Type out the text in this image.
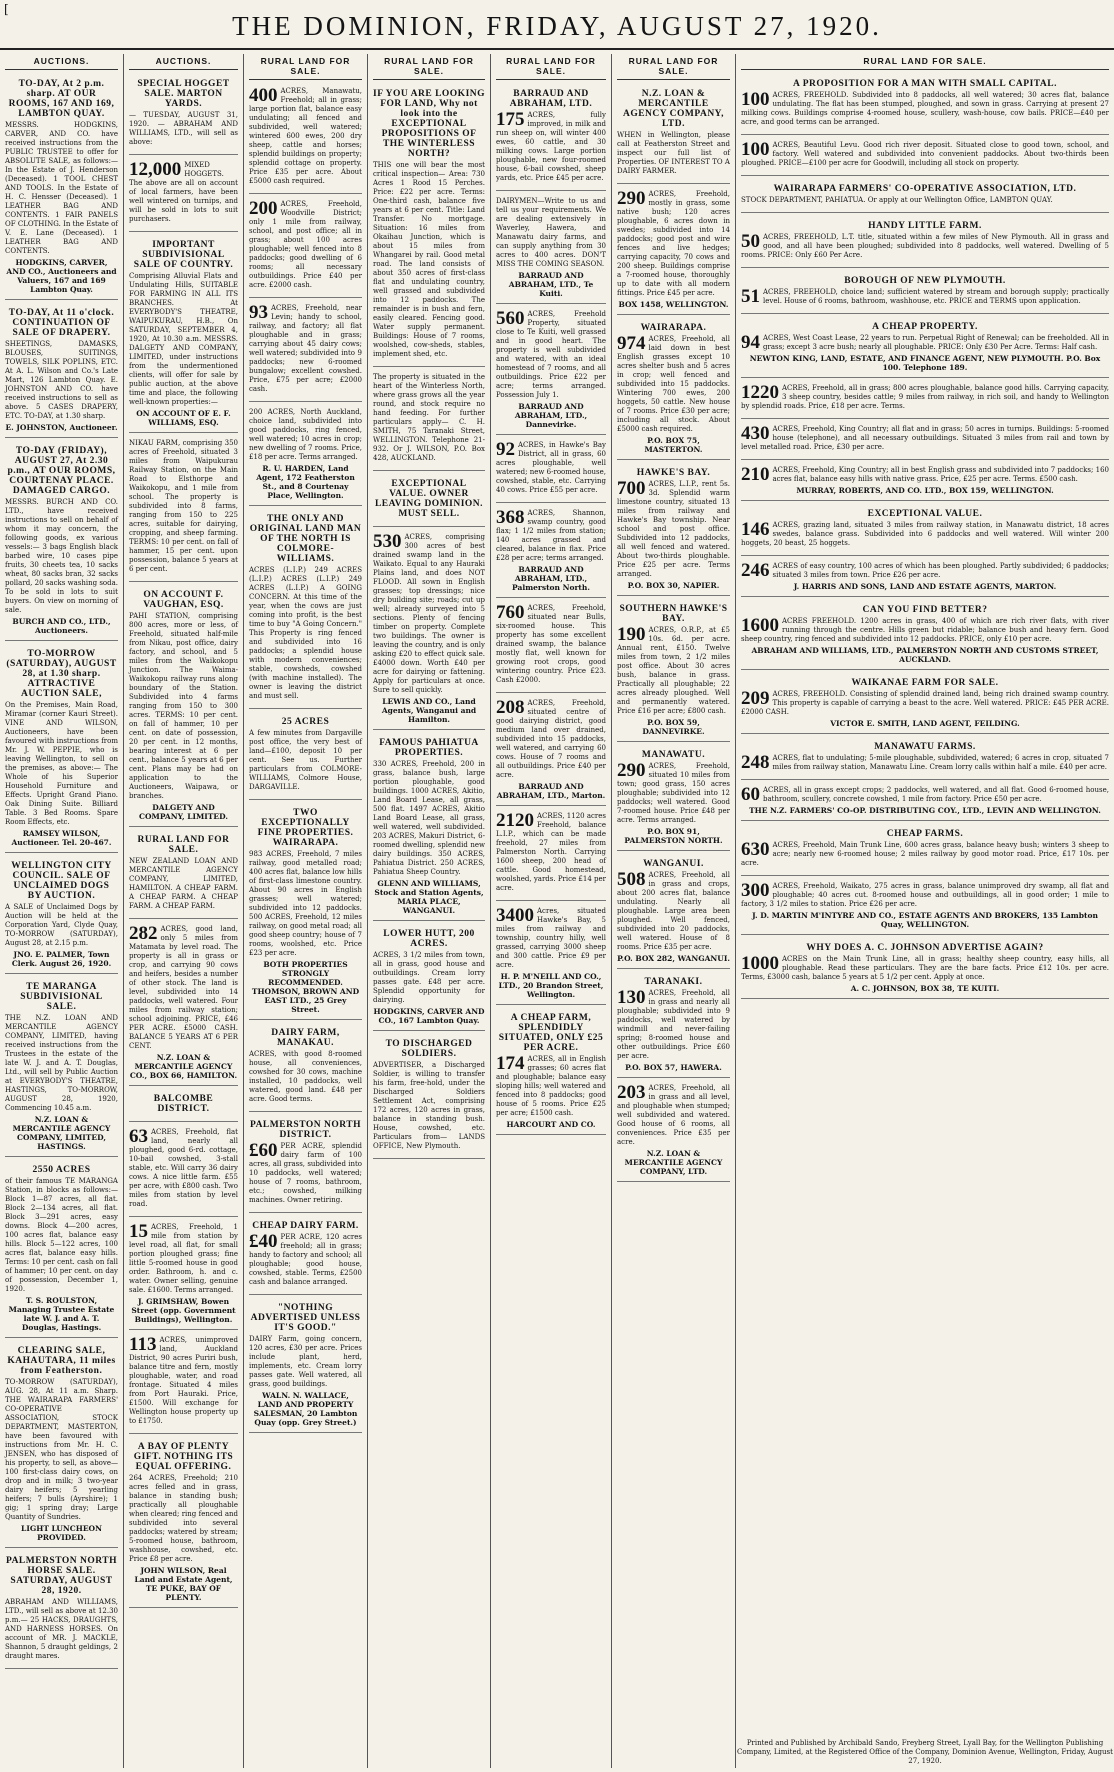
[
THE DOMINION, FRIDAY, AUGUST 27, 1920.
AUCTIONS.
TO-DAY, At 2 p.m. sharp. AT OUR ROOMS, 167 AND 169, LAMBTON QUAY.

MESSRS. HODGKINS, CARVER, AND CO. have received instructions from the PUBLIC TRUSTEE to offer for ABSOLUTE SALE, as follows:— In the Estate of J. Henderson (Deceased). 1 TOOL CHEST AND TOOLS. In the Estate of H. C. Hensser (Deceased). 1 LEATHER BAG AND CONTENTS. 1 FAIR PANELS OF CLOTHING. In the Estate of V. E. Lane (Deceased). 1 LEATHER BAG AND CONTENTS.

HODGKINS, CARVER, AND CO., Auctioneers and Valuers, 167 and 169 Lambton Quay.
TO-DAY, At 11 o'clock. CONTINUATION OF SALE OF DRAPERY.

SHEETINGS, DAMASKS, BLOUSES, SUITINGS, TOWELS, SILK POPLINS, ETC. At A. L. Wilson and Co.'s Late Mart, 126 Lambton Quay. E. JOHNSTON AND CO. have received instructions to sell as above. 5 CASES DRAPERY, ETC. TO-DAY, at 1.30 sharp.

E. JOHNSTON, Auctioneer.
TO-DAY (FRIDAY), AUGUST 27, At 2.30 p.m., AT OUR ROOMS, COURTENAY PLACE. DAMAGED CARGO.

MESSRS. BURCH AND CO. LTD., have received instructions to sell on behalf of whom it may concern, the following goods, ex various vessels:— 3 bags English black barbed wire, 10 cases pipe fruits, 30 cheets tea, 10 sacks wheat, 80 sacks bran, 32 sacks pollard, 20 sacks washing soda. To be sold in lots to suit buyers. On view on morning of sale.

BURCH AND CO., LTD., Auctioneers.
TO-MORROW (SATURDAY), AUGUST 28, at 1.30 sharp. ATTRACTIVE AUCTION SALE,

On the Premises, Main Road, Miramar (corner Kauri Street). VINE AND WILSON, Auctioneers, have been favoured with instructions from Mr. J. W. PEPPIE, who is leaving Wellington, to sell on the premises, as above:— The Whole of his Superior Household Furniture and Effects. Upright Grand Piano. Oak Dining Suite. Billiard Table. 3 Bed Rooms. Spare Room Effects, etc.

RAMSEY WILSON, Auctioneer. Tel. 20-467.
WELLINGTON CITY COUNCIL. SALE OF UNCLAIMED DOGS BY AUCTION.

A SALE of Unclaimed Dogs by Auction will be held at the Corporation Yard, Clyde Quay, TO-MORROW (SATURDAY), August 28, at 2.15 p.m.

JNO. E. PALMER, Town Clerk. August 26, 1920.
TE MARANGA SUBDIVISIONAL SALE.

THE N.Z. LOAN AND MERCANTILE AGENCY COMPANY, LIMITED, having received instructions from the Trustees in the estate of the late W. J. and A. T. Douglas, Ltd., will sell by Public Auction at EVERYBODY'S THEATRE, HASTINGS, TO-MORROW, AUGUST 28, 1920, Commencing 10.45 a.m.

N.Z. LOAN & MERCANTILE AGENCY COMPANY, LIMITED, HASTINGS.
2550 ACRES

of their famous TE MARANGA Station, in blocks as follows:— Block 1—87 acres, all flat. Block 2—134 acres, all flat. Block 3—291 acres, easy downs. Block 4—200 acres, 100 acres flat, balance easy hills. Block 5—122 acres, 100 acres flat, balance easy hills. Terms: 10 per cent. cash on fall of hammer; 10 per cent. on day of possession, December 1, 1920.

T. S. ROULSTON, Managing Trustee Estate late W. J. and A. T. Douglas, Hastings.
CLEARING SALE, KAHAUTARA, 11 miles from Featherston.

TO-MORROW (SATURDAY), AUG. 28, At 11 a.m. Sharp. THE WAIRARAPA FARMERS' CO-OPERATIVE ASSOCIATION, STOCK DEPARTMENT, MASTERTON, have been favoured with instructions from Mr. H. C. JENSEN, who has disposed of his property, to sell, as above— 100 first-class dairy cows, on drop and in milk; 3 two-year dairy heifers; 5 yearling heifers; 7 bulls (Ayrshire); 1 gig; 1 spring dray; Large Quantity of Sundries.

LIGHT LUNCHEON PROVIDED.
PALMERSTON NORTH HORSE SALE. SATURDAY, AUGUST 28, 1920.

ABRAHAM AND WILLIAMS, LTD., will sell as above at 12.30 p.m.— 25 HACKS, DRAUGHTS, AND HARNESS HORSES. On account of MR. J. MACKLE, Shannon, 5 draught geldings, 2 draught mares.

AUCTIONS.
SPECIAL HOGGET SALE. MARTON YARDS.

— TUESDAY, AUGUST 31, 1920. — ABRAHAM AND WILLIAMS, LTD., will sell as above:

12,000 MIXED HOGGETS. The above are all on account of local farmers, have been well wintered on turnips, and will be sold in lots to suit purchasers.

IMPORTANT SUBDIVISIONAL SALE OF COUNTRY.

Comprising Alluvial Flats and Undulating Hills, SUITABLE FOR FARMING IN ALL ITS BRANCHES. At EVERYBODY'S THEATRE, WAIPUKURAU, H.B., On SATURDAY, SEPTEMBER 4, 1920, At 10.30 a.m. MESSRS. DALGETY AND COMPANY, LIMITED, under instructions from the undermentioned clients, will offer for sale by public auction, at the above time and place, the following well-known properties:—

ON ACCOUNT OF E. F. WILLIAMS, ESQ.

NIKAU FARM, comprising 350 acres of Freehold, situated 3 miles from Waipukurau Railway Station, on the Main Road to Elsthorpe and Waikokopu, and 1 mile from school. The property is subdivided into 8 farms, ranging from 150 to 225 acres, suitable for dairying, cropping, and sheep farming. TERMS: 10 per cent. on fall of hammer, 15 per cent. upon possession, balance 5 years at 6 per cent.

ON ACCOUNT F. VAUGHAN, ESQ.

PAHI STATION, comprising 800 acres, more or less, of Freehold, situated half-mile from Nikau, post office, dairy factory, and school, and 5 miles from the Waikokopu Junction. The Waima-Waikokopu railway runs along boundary of the Station. Subdivided into 4 farms ranging from 150 to 300 acres. TERMS: 10 per cent. on fall of hammer, 10 per cent. on date of possession, 20 per cent. in 12 months, bearing interest at 6 per cent., balance 5 years at 6 per cent. Plans may be had on application to the Auctioneers, Waipawa, or branches.

DALGETY AND COMPANY, LIMITED.
RURAL LAND FOR SALE.

NEW ZEALAND LOAN AND MERCANTILE AGENCY COMPANY, LIMITED, HAMILTON. A CHEAP FARM. A CHEAP FARM. A CHEAP FARM. A CHEAP FARM.

282 ACRES, good land, only 5 miles from Matamata by level road. The property is all in grass or crop, and carrying 90 cows and heifers, besides a number of other stock. The land is level, subdivided into 14 paddocks, well watered. Four miles from railway station; school adjoining. PRICE, £46 PER ACRE. £5000 CASH. BALANCE 5 YEARS AT 6 PER CENT.

N.Z. LOAN & MERCANTILE AGENCY CO., BOX 66, HAMILTON.
BALCOMBE DISTRICT.

63 ACRES, Freehold, flat land, nearly all ploughed, good 6-rd. cottage, 10-bail cowshed, 3-stall stable, etc. Will carry 36 dairy cows. A nice little farm. £55 per acre, with £800 cash. Two miles from station by level road.

15 ACRES, Freehold, 1 mile from station by level road, all flat, for small portion ploughed grass; fine little 5-roomed house in good order. Bathroom, h. and c. water. Owner selling, genuine sale. £1600. Terms arranged.

J. GRIMSHAW, Bowen Street (opp. Government Buildings), Wellington.

113 ACRES, unimproved land, Auckland District, 90 acres Puriri bush, balance titre and fern, mostly ploughable, water, and road frontage. Situated 4 miles from Port Hauraki. Price, £1500. Will exchange for Wellington house property up to £1750.

A BAY OF PLENTY GIFT. NOTHING ITS EQUAL OFFERING.

264 ACRES, Freehold; 210 acres felled and in grass, balance in standing bush; practically all ploughable when cleared; ring fenced and subdivided into several paddocks; watered by stream; 5-roomed house, bathroom, washhouse, cowshed, etc. Price £8 per acre.

JOHN WILSON, Real Land and Estate Agent, TE PUKE, BAY OF PLENTY.
RURAL LAND FOR SALE.

400 ACRES, Manawatu, Freehold; all in grass; large portion flat, balance easy undulating; all fenced and subdivided, well watered; wintered 600 ewes, 200 dry sheep, cattle and horses; splendid buildings on property; splendid cottage on property. Price £35 per acre. About £5000 cash required.

200 ACRES, Freehold, Woodville District; only 1 mile from railway, school, and post office; all in grass; about 100 acres ploughable; well fenced into 8 paddocks; good dwelling of 6 rooms; all necessary outbuildings. Price £40 per acre. £2000 cash.

93 ACRES, Freehold, near Levin; handy to school, railway, and factory; all flat ploughable and in grass; carrying about 45 dairy cows; well watered; subdivided into 9 paddocks; new 6-roomed bungalow; excellent cowshed. Price, £75 per acre; £2000 cash.

200 ACRES, North Auckland, choice land, subdivided into good paddocks, ring fenced, well watered; 10 acres in crop; new dwelling of 7 rooms. Price, £18 per acre. Terms arranged.

R. U. HARDEN, Land Agent, 172 Featherston St., and 8 Courtenay Place, Wellington.
THE ONLY AND ORIGINAL LAND MAN OF THE NORTH IS COLMORE-WILLIAMS.

ACRES (L.I.P.) 249 ACRES (L.I.P.) ACRES (L.I.P.) 249 ACRES (L.I.P.) A GOING CONCERN. At this time of the year, when the cows are just coming into profit, is the best time to buy "A Going Concern." This Property is ring fenced and subdivided into 16 paddocks; a splendid house with modern conveniences; stable, cowsheds, cowshed (with machine installed). The owner is leaving the district and must sell.

25 ACRES

A few minutes from Dargaville post office, the very best of land—£100, deposit 10 per cent. See us. Further particulars from COLMORE-WILLIAMS, Colmore House, DARGAVILLE.

TWO EXCEPTIONALLY FINE PROPERTIES. WAIRARAPA.

983 ACRES, Freehold, 7 miles railway, good metalled road; 400 acres flat, balance low hills of first-class limestone country. About 90 acres in English grasses; well watered; subdivided into 12 paddocks. 500 ACRES, Freehold, 12 miles railway, on good metal road; all good sheep country; house of 7 rooms, woolshed, etc. Price £23 per acre.

BOTH PROPERTIES STRONGLY RECOMMENDED. THOMSON, BROWN AND EAST LTD., 25 Grey Street.
DAIRY FARM, MANAKAU.

ACRES, with good 8-roomed house, all conveniences, cowshed for 30 cows, machine installed, 10 paddocks, well watered, good land. £48 per acre. Good terms.

PALMERSTON NORTH DISTRICT.

£60 PER ACRE, splendid dairy farm of 100 acres, all grass, subdivided into 10 paddocks, well watered; house of 7 rooms, bathroom, etc.; cowshed, milking machines. Owner retiring.

CHEAP DAIRY FARM.

£40 PER ACRE, 120 acres freehold; all in grass; handy to factory and school; all ploughable; good house, cowshed, stable. Terms, £2500 cash and balance arranged.

"NOTHING ADVERTISED UNLESS IT'S GOOD."

DAIRY Farm, going concern, 120 acres, £30 per acre. Prices include plant, herd, implements, etc. Cream lorry passes gate. Well watered, all grass, good buildings.

WALN. N. WALLACE, LAND AND PROPERTY SALESMAN, 20 Lambton Quay (opp. Grey Street.)
RURAL LAND FOR SALE.
IF YOU ARE LOOKING FOR LAND, Why not look into the EXCEPTIONAL PROPOSITIONS OF THE WINTERLESS NORTH?

THIS one will bear the most critical inspection— Area: 730 Acres 1 Rood 15 Perches. Price: £22 per acre. Terms: One-third cash, balance five years at 6 per cent. Title: Land Transfer. No mortgage. Situation: 16 miles from Okaihau Junction, which is about 15 miles from Whangarei by rail. Good metal road. The land consists of about 350 acres of first-class flat and undulating country, well grassed and subdivided into 12 paddocks. The remainder is in bush and fern, easily cleared. Fencing good. Water supply permanent. Buildings: House of 7 rooms, woolshed, cow-sheds, stables, implement shed, etc.

The property is situated in the heart of the Winterless North, where grass grows all the year round, and stock require no hand feeding. For further particulars apply— C. H. SMITH, 75 Taranaki Street, WELLINGTON. Telephone 21-932. Or J. WILSON, P.O. Box 428, AUCKLAND.

EXCEPTIONAL VALUE. OWNER LEAVING DOMINION. MUST SELL.

530 ACRES, comprising 300 acres of best drained swamp land in the Waikato. Equal to any Hauraki Plains land, and does NOT FLOOD. All sown in English grasses; top dressings; nice dry building site; roads; cut up well; already surveyed into 5 sections. Plenty of fencing timber on property. Complete two buildings. The owner is leaving the country, and is only asking £20 to effect quick sale. £4000 down. Worth £40 per acre for dairying or fattening. Apply for particulars at once. Sure to sell quickly.

LEWIS AND CO., Land Agents, Wanganui and Hamilton.
FAMOUS PAHIATUA PROPERTIES.

330 ACRES, Freehold, 200 in grass, balance bush, large portion ploughable, good buildings. 1000 ACRES, Akitio, Land Board Lease, all grass, 500 flat. 1497 ACRES, Akitio Land Board Lease, all grass, well watered, well subdivided. 203 ACRES, Makuri District, 6-roomed dwelling, splendid new dairy buildings. 350 ACRES, Pahiatua District. 250 ACRES, Pahiatua Sheep Country.

GLENN AND WILLIAMS, Stock and Station Agents, MARIA PLACE, WANGANUI.
LOWER HUTT, 200 ACRES.

ACRES, 3 1/2 miles from town, all in grass, good house and outbuildings. Cream lorry passes gate. £48 per acre. Splendid opportunity for dairying.

HODGKINS, CARVER AND CO., 167 Lambton Quay.
TO DISCHARGED SOLDIERS.

ADVERTISER, a Discharged Soldier, is willing to transfer his farm, free-hold, under the Discharged Soldiers Settlement Act, comprising 172 acres, 120 acres in grass, balance in standing bush. House, cowshed, etc. Particulars from— LANDS OFFICE, New Plymouth.

RURAL LAND FOR SALE.
BARRAUD AND ABRAHAM, LTD.

175 ACRES, fully improved, in milk and run sheep on, will winter 400 ewes, 60 cattle, and 30 milking cows. Large portion ploughable, new four-roomed house, 6-bail cowshed, sheep yards, etc. Price £45 per acre.

DAIRYMEN—Write to us and tell us your requirements. We are dealing extensively in Waverley, Hawera, and Manawatu dairy farms, and can supply anything from 30 acres to 400 acres. DON'T MISS THE COMING SEASON.

BARRAUD AND ABRAHAM, LTD., Te Kuiti.

560 ACRES, Freehold Property, situated close to Te Kuiti, well grassed and in good heart. The property is well subdivided and watered, with an ideal homestead of 7 rooms, and all outbuildings. Price £22 per acre; terms arranged. Possession July 1.

BARRAUD AND ABRAHAM, LTD., Dannevirke.

92 ACRES, in Hawke's Bay District, all in grass, 60 acres ploughable, well watered; new 6-roomed house, cowshed, stable, etc. Carrying 40 cows. Price £55 per acre.

368 ACRES, Shannon, swamp country, good flax; 1 1/2 miles from station; 140 acres grassed and cleared, balance in flax. Price £28 per acre; terms arranged.

BARRAUD AND ABRAHAM, LTD., Palmerston North.

760 ACRES, Freehold, situated near Bulls, six-roomed house. This property has some excellent drained swamp, the balance mostly flat, well known for growing root crops, good wintering country. Price £23. Cash £2000.

208 ACRES, Freehold, situated centre of good dairying district, good medium land over drained, subdivided into 15 paddocks, well watered, and carrying 60 cows. House of 7 rooms and all outbuildings. Price £40 per acre.

BARRAUD AND ABRAHAM, LTD., Marton.

2120 ACRES, 1120 acres Freehold, balance L.I.P., which can be made freehold, 27 miles from Palmerston North. Carrying 1600 sheep, 200 head of cattle. Good homestead, woolshed, yards. Price £14 per acre.

3400 Acres, situated Hawke's Bay, 5 miles from railway and township, country hilly, well grassed, carrying 3000 sheep and 300 cattle. Price £9 per acre.

H. P. M'NEILL AND CO., LTD., 20 Brandon Street, Wellington.
A CHEAP FARM, SPLENDIDLY SITUATED, ONLY £25 PER ACRE.

174 ACRES, all in English grasses; 60 acres flat and ploughable; balance easy sloping hills; well watered and fenced into 8 paddocks; good house of 5 rooms. Price £25 per acre; £1500 cash.

HARCOURT AND CO.
RURAL LAND FOR SALE.
N.Z. LOAN & MERCANTILE AGENCY COMPANY, LTD.

WHEN in Wellington, please call at Featherston Street and inspect our full list of Properties. OF INTEREST TO A DAIRY FARMER.

290 ACRES, Freehold, mostly in grass, some native bush; 120 acres ploughable, 6 acres down in swedes; subdivided into 14 paddocks; good post and wire fences and live hedges; carrying capacity, 70 cows and 200 sheep. Buildings comprise a 7-roomed house, thoroughly up to date with all modern fittings. Price £45 per acre.

BOX 1458, WELLINGTON.
WAIRARAPA.

974 ACRES, Freehold, all laid down in best English grasses except 10 acres shelter bush and 5 acres in crop; well fenced and subdivided into 15 paddocks. Wintering 700 ewes, 200 hoggets, 50 cattle. New house of 7 rooms. Price £30 per acre; including all stock. About £5000 cash required.

P.O. BOX 75, MASTERTON.
HAWKE'S BAY.

700 ACRES, L.I.P., rent 5s. 3d. Splendid warm limestone country, situated 13 miles from railway and Hawke's Bay township. Near school and post office. Subdivided into 12 paddocks, all well fenced and watered. About two-thirds ploughable. Price £25 per acre. Terms arranged.

P.O. BOX 30, NAPIER.
SOUTHERN HAWKE'S BAY.

190 ACRES, O.R.P., at £5 10s. 6d. per acre. Annual rent, £150. Twelve miles from town, 2 1/2 miles post office. About 30 acres bush, balance in grass. Practically all ploughable; 22 acres already ploughed. Well and permanently watered. Price £16 per acre; £800 cash.

P.O. BOX 59, DANNEVIRKE.
MANAWATU.

290 ACRES, Freehold, situated 10 miles from town; good grass, 150 acres ploughable; subdivided into 12 paddocks; well watered. Good 7-roomed house. Price £48 per acre. Terms arranged.

P.O. BOX 91, PALMERSTON NORTH.
WANGANUI.

508 ACRES, Freehold, all in grass and crops, about 200 acres flat, balance undulating. Nearly all ploughable. Large area been ploughed. Well fenced, subdivided into 20 paddocks, well watered. House of 8 rooms. Price £35 per acre.

P.O. BOX 282, WANGANUI.
TARANAKI.

130 ACRES, Freehold, all in grass and nearly all ploughable; subdivided into 9 paddocks, well watered by windmill and never-failing spring; 8-roomed house and other outbuildings. Price £60 per acre.

P.O. BOX 57, HAWERA.

203 ACRES, Freehold, all in grass and all level, and ploughable when stumped; well subdivided and watered. Good house of 6 rooms, all conveniences. Price £35 per acre.

N.Z. LOAN & MERCANTILE AGENCY COMPANY, LTD.
RURAL LAND FOR SALE.
A PROPOSITION FOR A MAN WITH SMALL CAPITAL.

100 ACRES, FREEHOLD. Subdivided into 8 paddocks, all well watered; 30 acres flat, balance undulating. The flat has been stumped, ploughed, and sown in grass. Carrying at present 27 milking cows. Buildings comprise 4-roomed house, scullery, wash-house, cow bails. PRICE—£40 per acre, and good terms can be arranged.

100 ACRES, Beautiful Levu. Good rich river deposit. Situated close to good town, school, and factory. Well watered and subdivided into convenient paddocks. About two-thirds been ploughed. PRICE—£100 per acre for Goodwill, including all stock on property.

WAIRARAPA FARMERS' CO-OPERATIVE ASSOCIATION, LTD.

STOCK DEPARTMENT, PAHIATUA. Or apply at our Wellington Office, LAMBTON QUAY.

HANDY LITTLE FARM.

50 ACRES, FREEHOLD, L.T. title, situated within a few miles of New Plymouth. All in grass and good, and all have been ploughed; subdivided into 8 paddocks, well watered. Dwelling of 5 rooms. PRICE: Only £60 Per Acre.

BOROUGH OF NEW PLYMOUTH.

51 ACRES, FREEHOLD, choice land; sufficient watered by stream and borough supply; practically level. House of 6 rooms, bathroom, washhouse, etc. PRICE and TERMS upon application.

A CHEAP PROPERTY.

94 ACRES, West Coast Lease, 22 years to run. Perpetual Right of Renewal; can be freeholded. All in grass; except 3 acre bush; nearly all ploughable. PRICE: Only £30 Per Acre. Terms: Half cash.

NEWTON KING, LAND, ESTATE, AND FINANCE AGENT, NEW PLYMOUTH. P.O. Box 100. Telephone 189.

1220 ACRES, Freehold, all in grass; 800 acres ploughable, balance good hills. Carrying capacity, 3 sheep country, besides cattle; 9 miles from railway, in rich soil, and handy to Wellington by splendid roads. Price, £18 per acre. Terms.

430 ACRES, Freehold, King Country; all flat and in grass; 50 acres in turnips. Buildings: 5-roomed house (telephone), and all necessary outbuildings. Situated 3 miles from rail and town by level metalled road. Price, £30 per acre.

210 ACRES, Freehold, King Country; all in best English grass and subdivided into 7 paddocks; 160 acres flat, balance easy hills with native grass. Price, £25 per acre. Terms. £500 cash.

MURRAY, ROBERTS, AND CO. LTD., BOX 159, WELLINGTON.
EXCEPTIONAL VALUE.

146 ACRES, grazing land, situated 3 miles from railway station, in Manawatu district, 18 acres swedes, balance grass. Subdivided into 6 paddocks and well watered. Will winter 200 hoggets, 20 beast, 25 hoggets.

246 ACRES of easy country, 100 acres of which has been ploughed. Partly subdivided; 6 paddocks; situated 3 miles from town. Price £26 per acre.

J. HARRIS AND SONS, LAND AND ESTATE AGENTS, MARTON.
CAN YOU FIND BETTER?

1600 ACRES FREEHOLD. 1200 acres in grass, 400 of which are rich river flats, with river running through the centre. Hills green but ridable; balance bush and heavy fern. Good sheep country, ring fenced and subdivided into 12 paddocks. PRICE, only £10 per acre.

ABRAHAM AND WILLIAMS, LTD., PALMERSTON NORTH AND CUSTOMS STREET, AUCKLAND.
WAIKANAE FARM FOR SALE.

209 ACRES, FREEHOLD. Consisting of splendid drained land, being rich drained swamp country. This property is capable of carrying a beast to the acre. Well watered. PRICE: £45 PER ACRE. £2000 CASH.

VICTOR E. SMITH, LAND AGENT, FEILDING.
MANAWATU FARMS.

248 ACRES, flat to undulating; 5-mile ploughable, subdivided, watered; 6 acres in crop, situated 7 miles from railway station, Manawatu Line. Cream lorry calls within half a mile. £40 per acre.

60 ACRES, all in grass except crops; 2 paddocks, well watered, and all flat. Good 6-roomed house, bathroom, scullery, concrete cowshed, 1 mile from factory. Price £50 per acre.

THE N.Z. FARMERS' CO-OP. DISTRIBUTING COY., LTD., LEVIN AND WELLINGTON.
CHEAP FARMS.

630 ACRES, Freehold, Main Trunk Line, 600 acres grass, balance heavy bush; winters 3 sheep to acre; nearly new 6-roomed house; 2 miles railway by good motor road. Price, £17 10s. per acre.

300 ACRES, Freehold, Waikato, 275 acres in grass, balance unimproved dry swamp, all flat and ploughable; 40 acres cut. 8-roomed house and outbuildings, all in good order; 1 mile to factory, 3 1/2 miles to station. Price £26 per acre.

J. D. MARTIN M'INTYRE AND CO., ESTATE AGENTS AND BROKERS, 135 Lambton Quay, WELLINGTON.
WHY DOES A. C. JOHNSON ADVERTISE AGAIN?

1000 ACRES on the Main Trunk Line, all in grass; healthy sheep country, easy hills, all ploughable. Read these particulars. They are the bare facts. Price £12 10s. per acre. Terms, £3000 cash, balance 5 years at 5 1/2 per cent. Apply at once.

A. C. JOHNSON, BOX 38, TE KUITI.
Printed and Published by Archibald Sando, Freyberg Street, Lyall Bay, for the Wellington Publishing Company, Limited, at the Registered Office of the Company, Dominion Avenue, Wellington, Friday, August 27, 1920.
